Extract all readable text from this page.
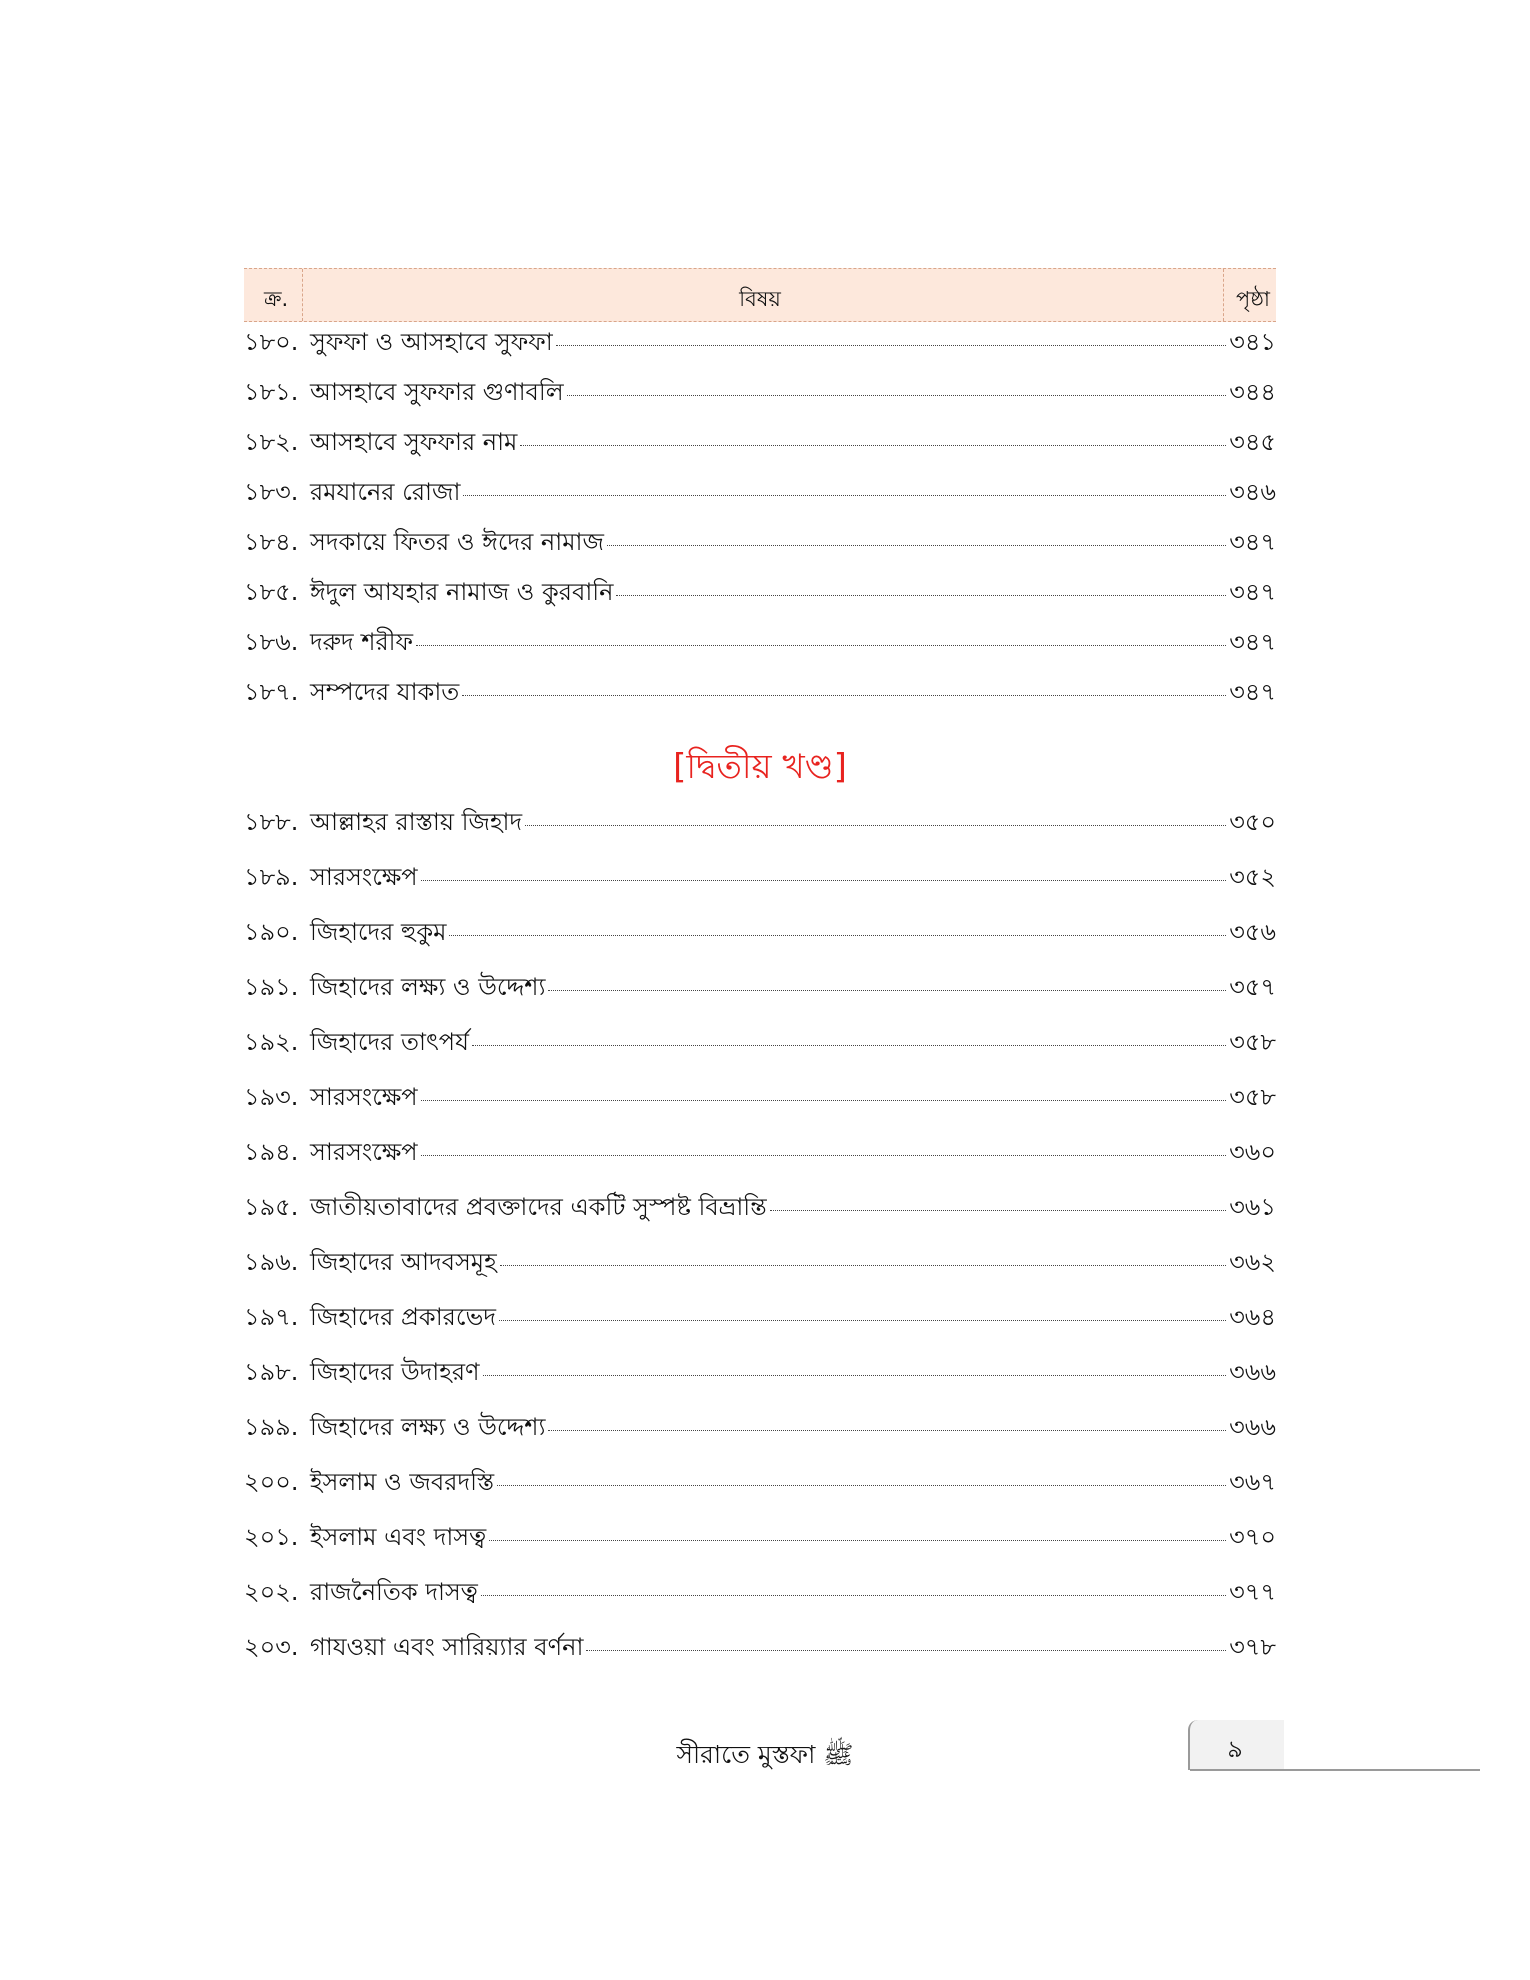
ক্র.	বিষয়	পৃষ্ঠা
১৮০. সুফফা ও আসহাবে সুফফা	৩৪১
১৮১. আসহাবে সুফফার গুণাবলি	৩৪৪
১৮২. আসহাবে সুফফার নাম	৩৪৫
১৮৩. রমযানের রোজা	৩৪৬
১৮৪. সদকায়ে ফিতর ও ঈদের নামাজ	৩৪৭
১৮৫. ঈদুল আযহার নামাজ ও কুরবানি	৩৪৭
১৮৬. দরুদ শরীফ	৩৪৭
১৮৭. সম্পদের যাকাত	৩৪৭
[দ্বিতীয় খণ্ড]
১৮৮. আল্লাহর রাস্তায় জিহাদ	৩৫০
১৮৯. সারসংক্ষেপ	৩৫২
১৯০. জিহাদের হুকুম	৩৫৬
১৯১. জিহাদের লক্ষ্য ও উদ্দেশ্য	৩৫৭
১৯২. জিহাদের তাৎপর্য	৩৫৮
১৯৩. সারসংক্ষেপ	৩৫৮
১৯৪. সারসংক্ষেপ	৩৬০
১৯৫. জাতীয়তাবাদের প্রবক্তাদের একটি সুস্পষ্ট বিভ্রান্তি	৩৬১
১৯৬. জিহাদের আদবসমূহ	৩৬২
১৯৭. জিহাদের প্রকারভেদ	৩৬৪
১৯৮. জিহাদের উদাহরণ	৩৬৬
১৯৯. জিহাদের লক্ষ্য ও উদ্দেশ্য	৩৬৬
২০০. ইসলাম ও জবরদস্তি	৩৬৭
২০১. ইসলাম এবং দাসত্ব	৩৭০
২০২. রাজনৈতিক দাসত্ব	৩৭৭
২০৩. গাযওয়া এবং সারিয়্যার বর্ণনা	৩৭৮
সীরাতে মুস্তফা ﷺ	৯
